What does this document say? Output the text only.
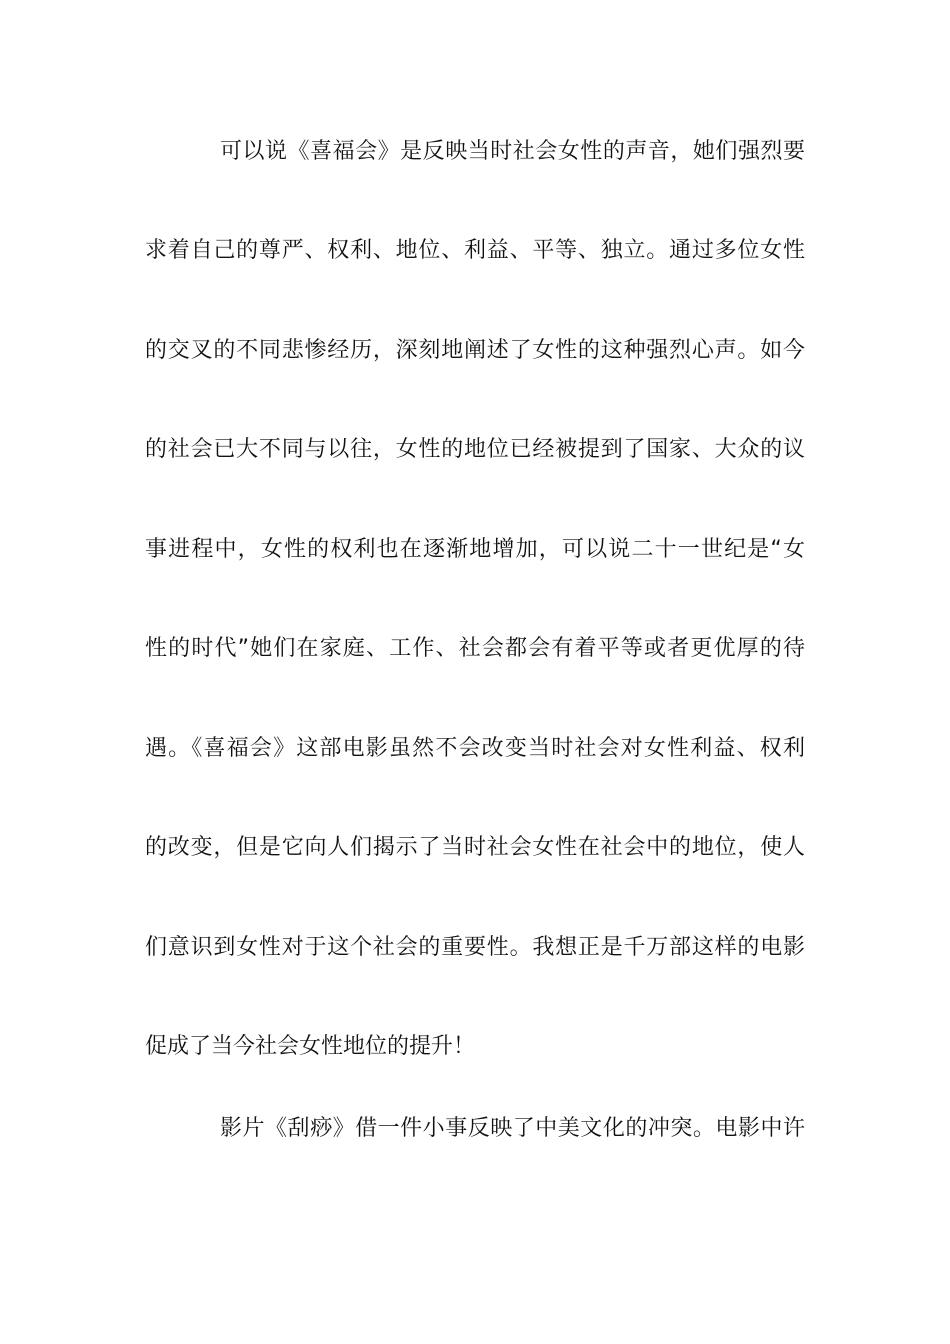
可以说《喜福会》是反映当时社会女性的声音，她们强烈要
求着自己的尊严、权利、地位、利益、平等、独立。通过多位女性
的交叉的不同悲惨经历，深刻地阐述了女性的这种强烈心声。如今
的社会已大不同与以往，女性的地位已经被提到了国家、大众的议
事进程中，女性的权利也在逐渐地增加，可以说二十一世纪是“女
性的时代”她们在家庭、工作、社会都会有着平等或者更优厚的待
遇。《喜福会》这部电影虽然不会改变当时社会对女性利益、权利
的改变，但是它向人们揭示了当时社会女性在社会中的地位，使人
们意识到女性对于这个社会的重要性。我想正是千万部这样的电影
促成了当今社会女性地位的提升！
影片《刮痧》借一件小事反映了中美文化的冲突。电影中许
